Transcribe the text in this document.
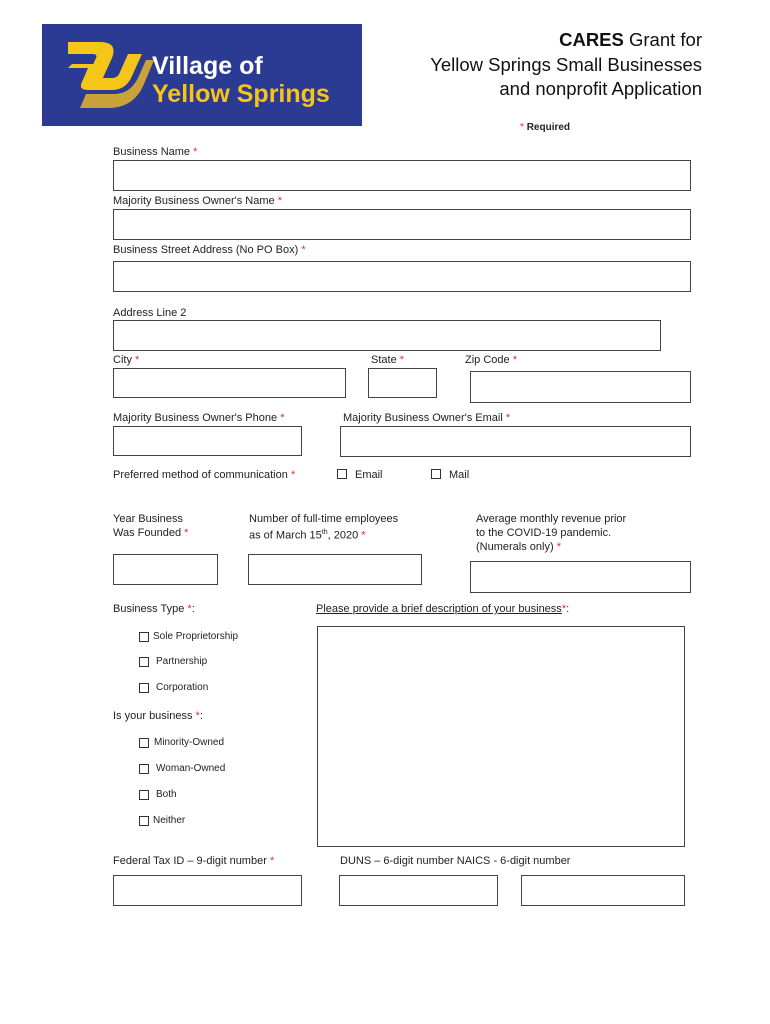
Village of
Yellow Springs
CARES Grant for
Yellow Springs Small Businesses
and nonprofit Application
* Required
Business Name *
Majority Business Owner's Name *
Business Street Address (No PO Box) *
Address Line 2
City *	State *	Zip Code *
Majority Business Owner's Phone *	Majority Business Owner's Email *
Preferred method of communication *	Email	Mail
Year Business
Was Founded *
Number of full-time employees
as of March 15th, 2020 *
Average monthly revenue prior
to the COVID-19 pandemic.
(Numerals only) *
Business Type *:	Please provide a brief description of your business*:
Sole Proprietorship
Partnership
Corporation
Is your business *:
Minority-Owned
Woman-Owned
Both
Neither
Federal Tax ID – 9-digit number *	DUNS – 6-digit number NAICS - 6-digit number
